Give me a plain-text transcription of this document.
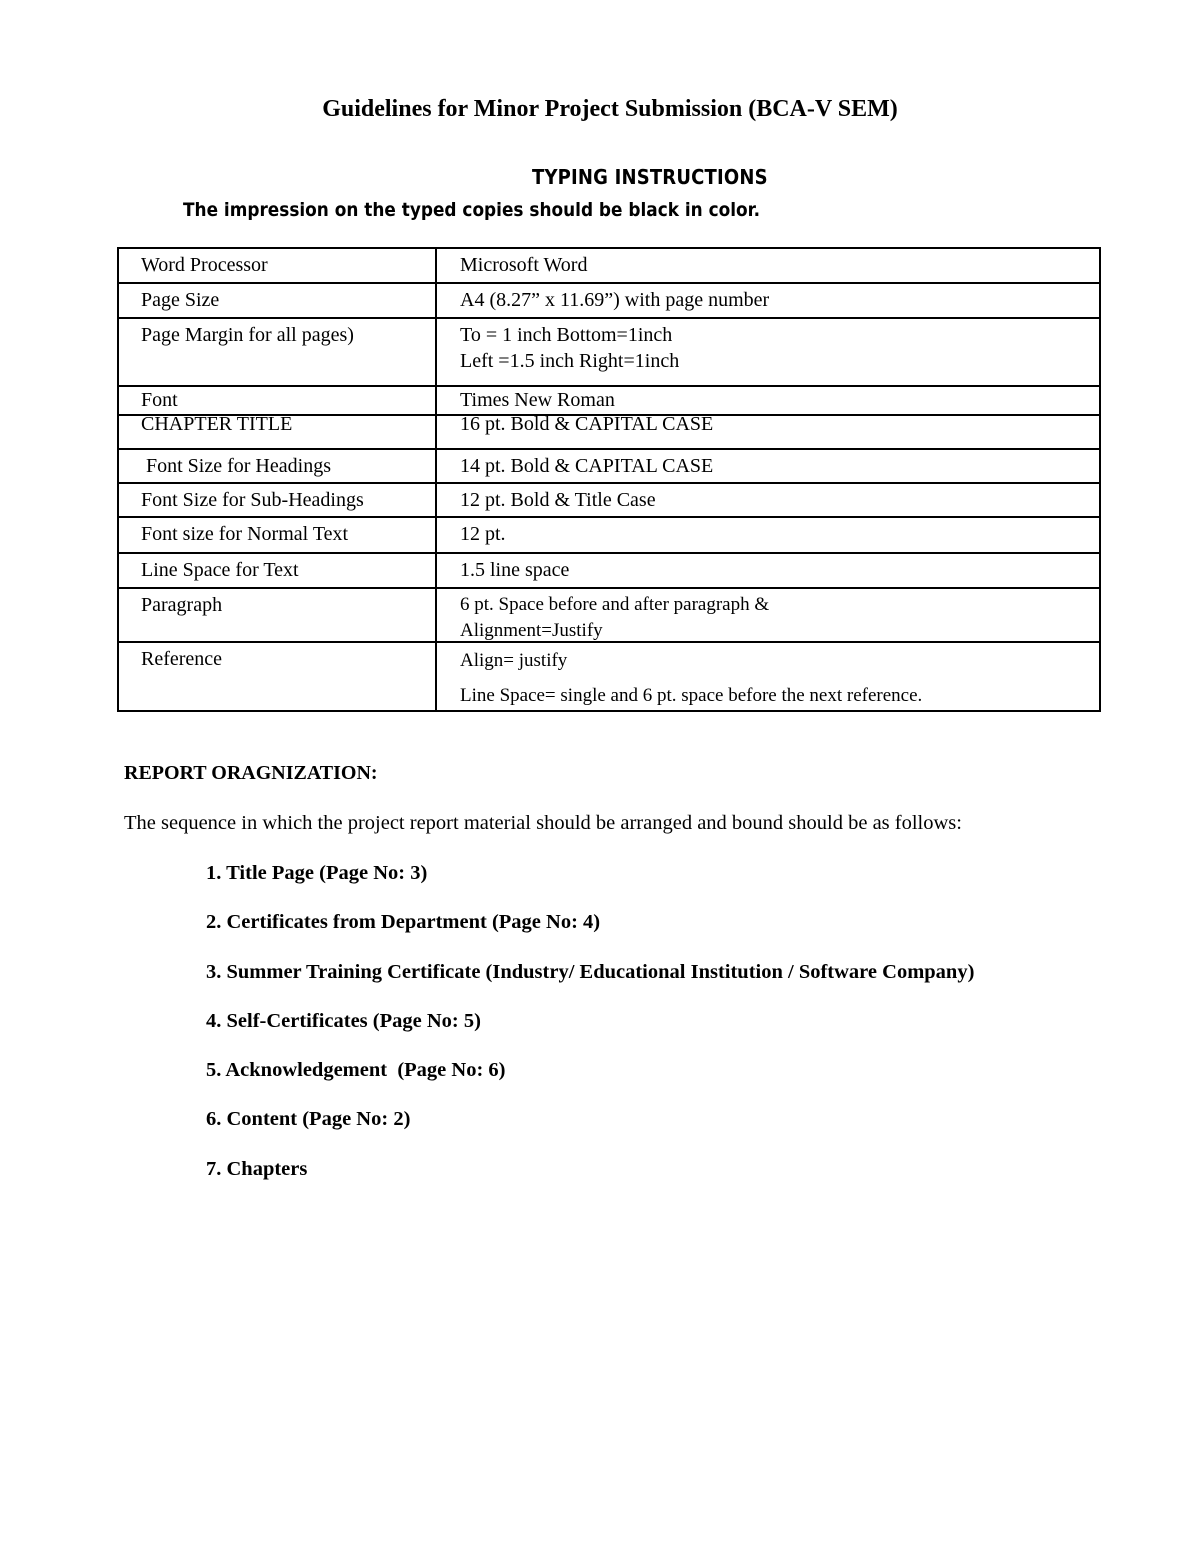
Guidelines for Minor Project Submission (BCA-V SEM)
TYPING INSTRUCTIONS
The impression on the typed copies should be black in color.
Word Processor	Microsoft Word
Page Size	A4 (8.27” x 11.69”) with page number
Page Margin for all pages)	To = 1 inch Bottom=1inch
Left =1.5 inch Right=1inch
Font	Times New Roman
CHAPTER TITLE	16 pt. Bold & CAPITAL CASE
Font Size for Headings	14 pt. Bold & CAPITAL CASE
Font Size for Sub-Headings	12 pt. Bold & Title Case
Font size for Normal Text	12 pt.
Line Space for Text	1.5 line space
Paragraph	6 pt. Space before and after paragraph &
Alignment=Justify
Reference	Align= justify
Line Space= single and 6 pt. space before the next reference.
REPORT ORAGNIZATION:
The sequence in which the project report material should be arranged and bound should be as follows:
1. Title Page (Page No: 3)
2. Certificates from Department (Page No: 4)
3. Summer Training Certificate (Industry/ Educational Institution / Software Company)
4. Self-Certificates (Page No: 5)
5. Acknowledgement  (Page No: 6)
6. Content (Page No: 2)
7. Chapters
